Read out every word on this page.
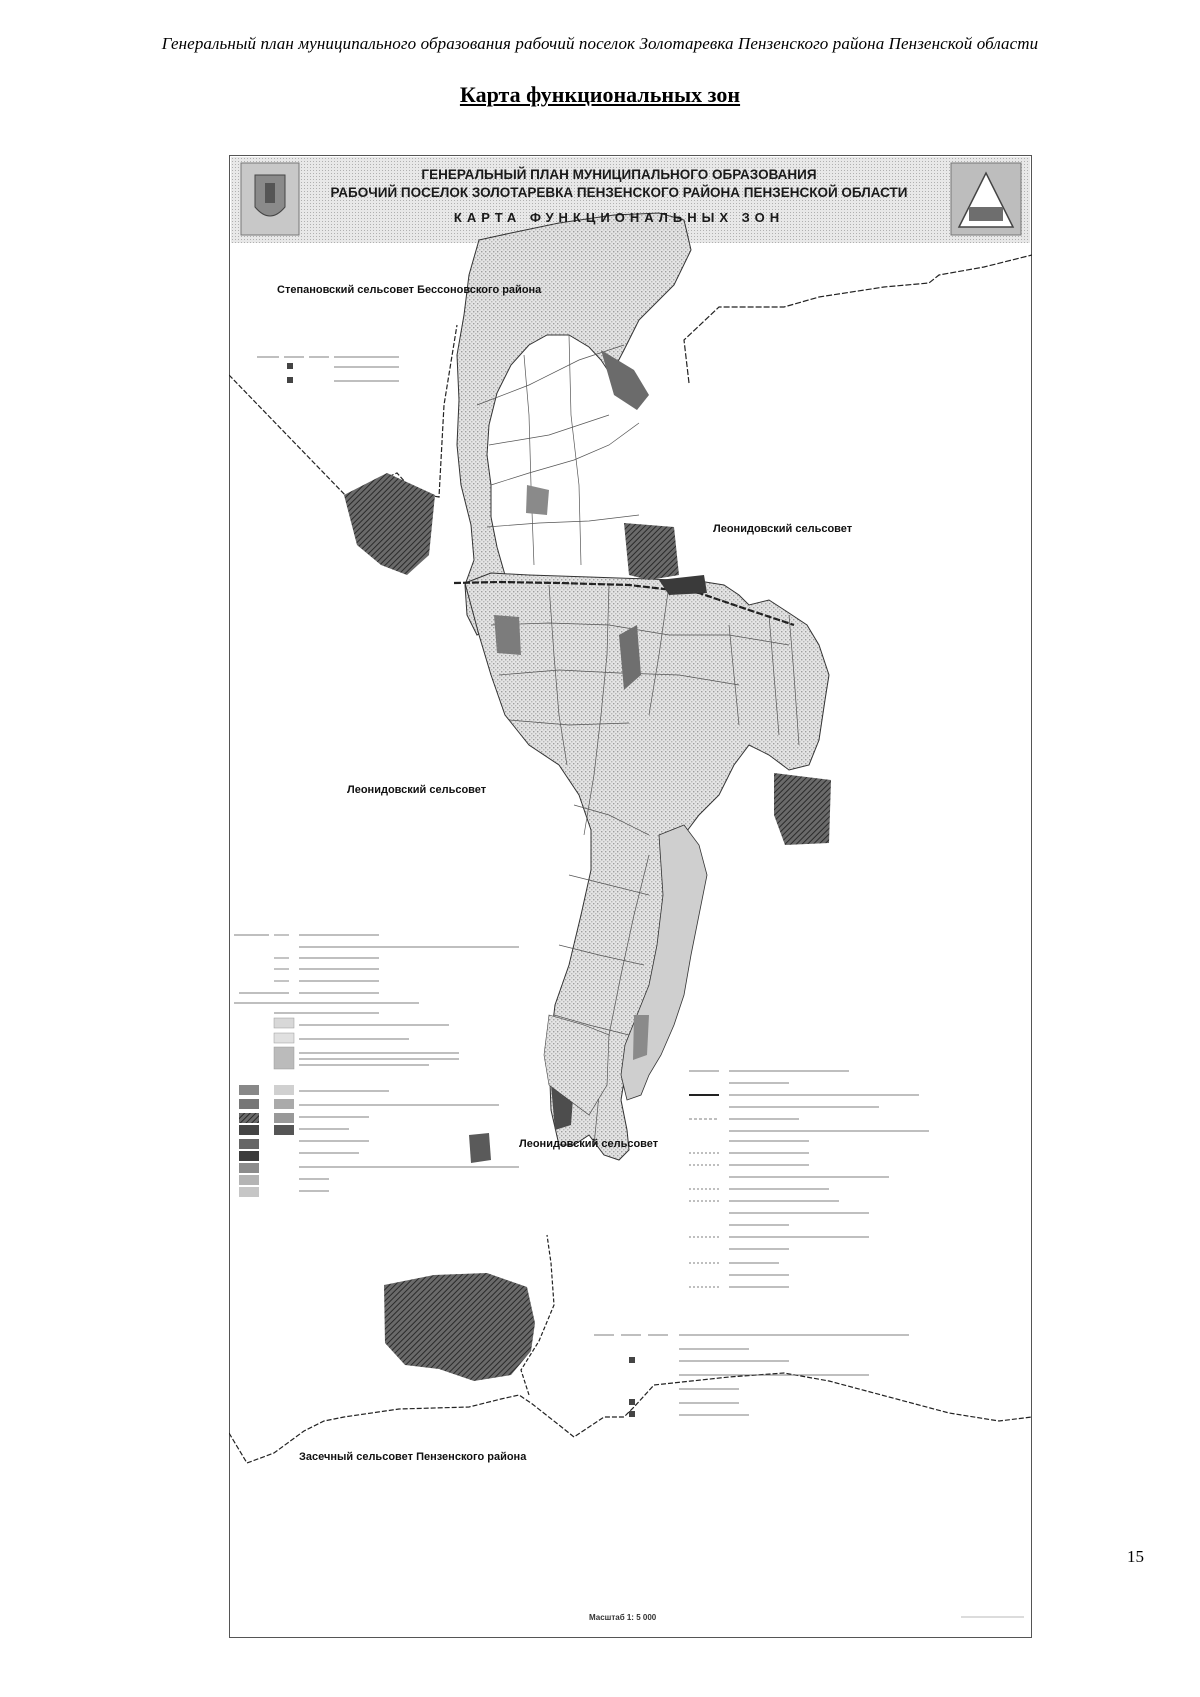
Генеральный план муниципального образования рабочий поселок Золотаревка Пензенского района Пензенской области
Карта функциональных зон
ГЕНЕРАЛЬНЫЙ ПЛАН МУНИЦИПАЛЬНОГО ОБРАЗОВАНИЯ
РАБОЧИЙ ПОСЕЛОК ЗОЛОТАРЕВКА ПЕНЗЕНСКОГО РАЙОНА ПЕНЗЕНСКОЙ ОБЛАСТИ
КАРТА ФУНКЦИОНАЛЬНЫХ ЗОН
Степановский сельсовет Бессоновского района
Леонидовский сельсовет
Леонидовский сельсовет
Леонидовский сельсовет
Засечный сельсовет Пензенского района
Масштаб 1: 5 000
15
